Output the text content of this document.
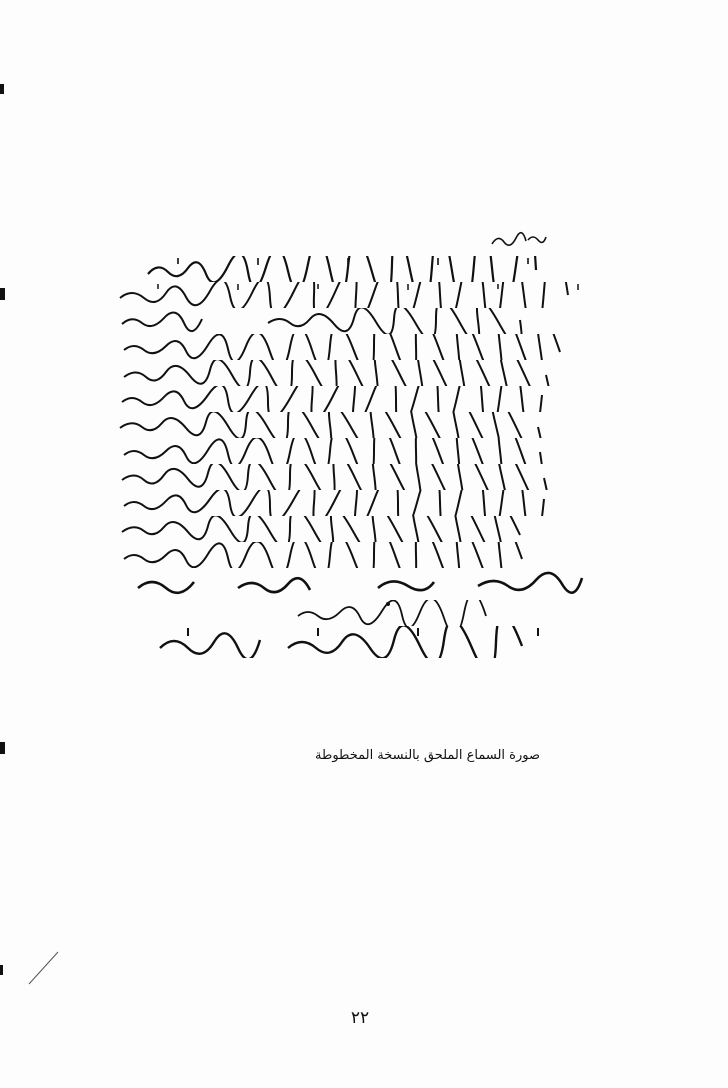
صورة السماع الملحق بالنسخة المخطوطة
٢٢
